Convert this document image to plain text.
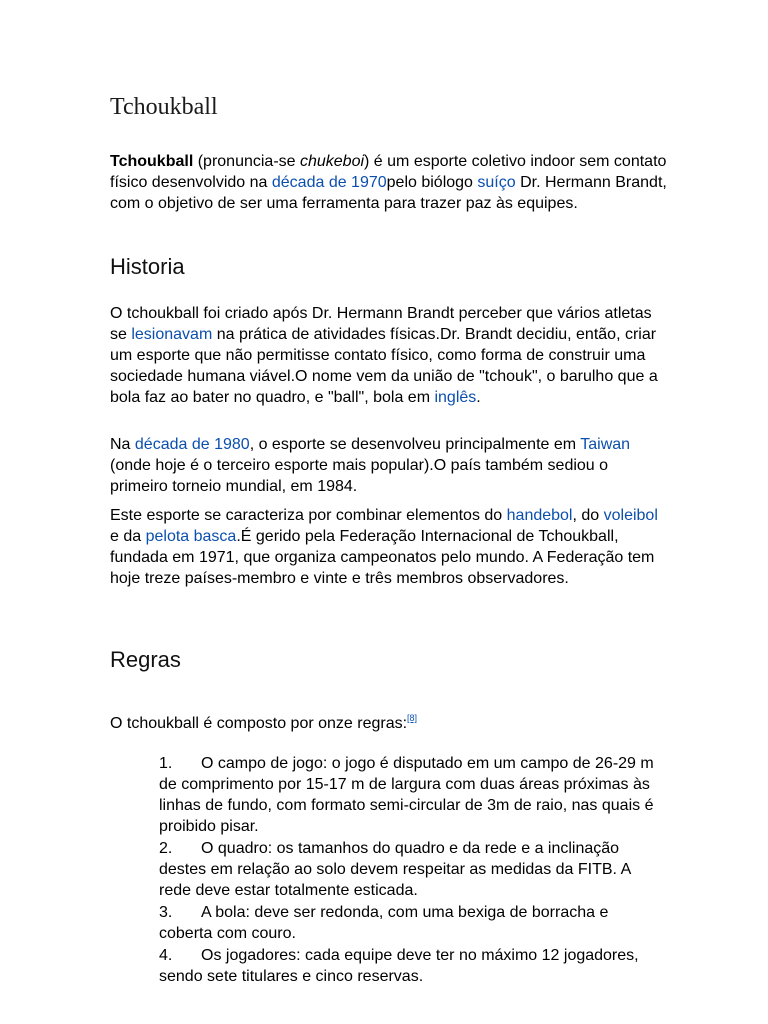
Tchoukball

Tchoukball (pronuncia-se chukeboi) é um esporte coletivo indoor sem contato físico desenvolvido na década de 1970pelo biólogo suíço Dr. Hermann Brandt, com o objetivo de ser uma ferramenta para trazer paz às equipes.

Historia

O tchoukball foi criado após Dr. Hermann Brandt perceber que vários atletas se lesionavam na prática de atividades físicas.Dr. Brandt decidiu, então, criar um esporte que não permitisse contato físico, como forma de construir uma sociedade humana viável.O nome vem da união de "tchouk", o barulho que a bola faz ao bater no quadro, e "ball", bola em inglês.

Na década de 1980, o esporte se desenvolveu principalmente em Taiwan (onde hoje é o terceiro esporte mais popular).O país também sediou o primeiro torneio mundial, em 1984.

Este esporte se caracteriza por combinar elementos do handebol, do voleibol e da pelota basca.É gerido pela Federação Internacional de Tchoukball, fundada em 1971, que organiza campeonatos pelo mundo. A Federação tem hoje treze países-membro e vinte e três membros observadores.

Regras

O tchoukball é composto por onze regras:[8]

1. O campo de jogo: o jogo é disputado em um campo de 26-29 m de comprimento por 15-17 m de largura com duas áreas próximas às linhas de fundo, com formato semi-circular de 3m de raio, nas quais é proibido pisar.
2. O quadro: os tamanhos do quadro e da rede e a inclinação destes em relação ao solo devem respeitar as medidas da FITB. A rede deve estar totalmente esticada.
3. A bola: deve ser redonda, com uma bexiga de borracha e coberta com couro.
4. Os jogadores: cada equipe deve ter no máximo 12 jogadores, sendo sete titulares e cinco reservas.
